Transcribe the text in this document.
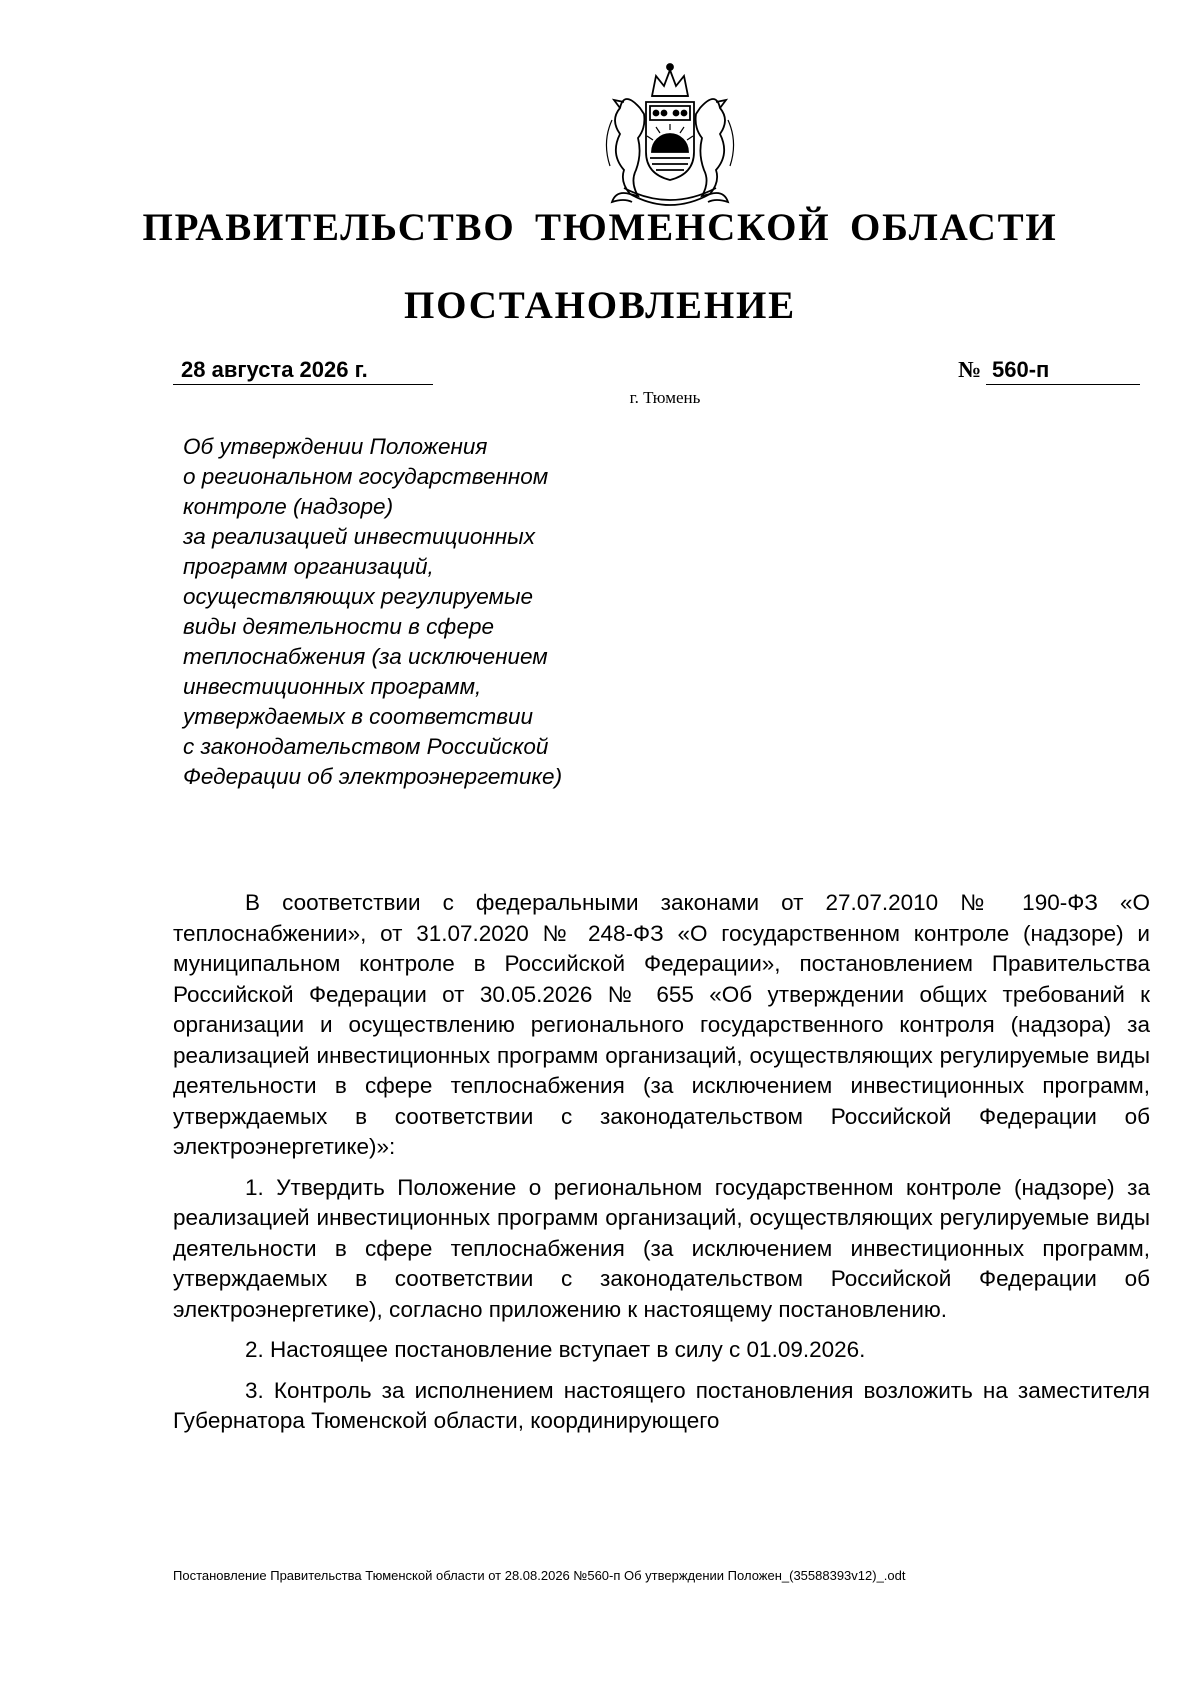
ПРАВИТЕЛЬСТВО ТЮМЕНСКОЙ ОБЛАСТИ
ПОСТАНОВЛЕНИЕ
28 августа 2026 г.	№ 560-п
г. Тюмень
Об утверждении Положения
о региональном государственном
контроле (надзоре)
за реализацией инвестиционных
программ организаций,
осуществляющих регулируемые
виды деятельности в сфере
теплоснабжения (за исключением
инвестиционных программ,
утверждаемых в соответствии
с законодательством Российской
Федерации об электроэнергетике)

В соответствии с федеральными законами от 27.07.2010 № 190-ФЗ «О теплоснабжении», от 31.07.2020 № 248-ФЗ «О государственном контроле (надзоре) и муниципальном контроле в Российской Федерации», постановлением Правительства Российской Федерации от 30.05.2026 № 655 «Об утверждении общих требований к организации и осуществлению регионального государственного контроля (надзора) за реализацией инвестиционных программ организаций, осуществляющих регулируемые виды деятельности в сфере теплоснабжения (за исключением инвестиционных программ, утверждаемых в соответствии с законодательством Российской Федерации об электроэнергетике)»:

1. Утвердить Положение о региональном государственном контроле (надзоре) за реализацией инвестиционных программ организаций, осуществляющих регулируемые виды деятельности в сфере теплоснабжения (за исключением инвестиционных программ, утверждаемых в соответствии с законодательством Российской Федерации об электроэнергетике), согласно приложению к настоящему постановлению.

2. Настоящее постановление вступает в силу с 01.09.2026.

3. Контроль за исполнением настоящего постановления возложить на заместителя Губернатора Тюменской области, координирующего

Постановление Правительства Тюменской области от 28.08.2026 №560-п Об утверждении Положен_(35588393v12)_.odt
